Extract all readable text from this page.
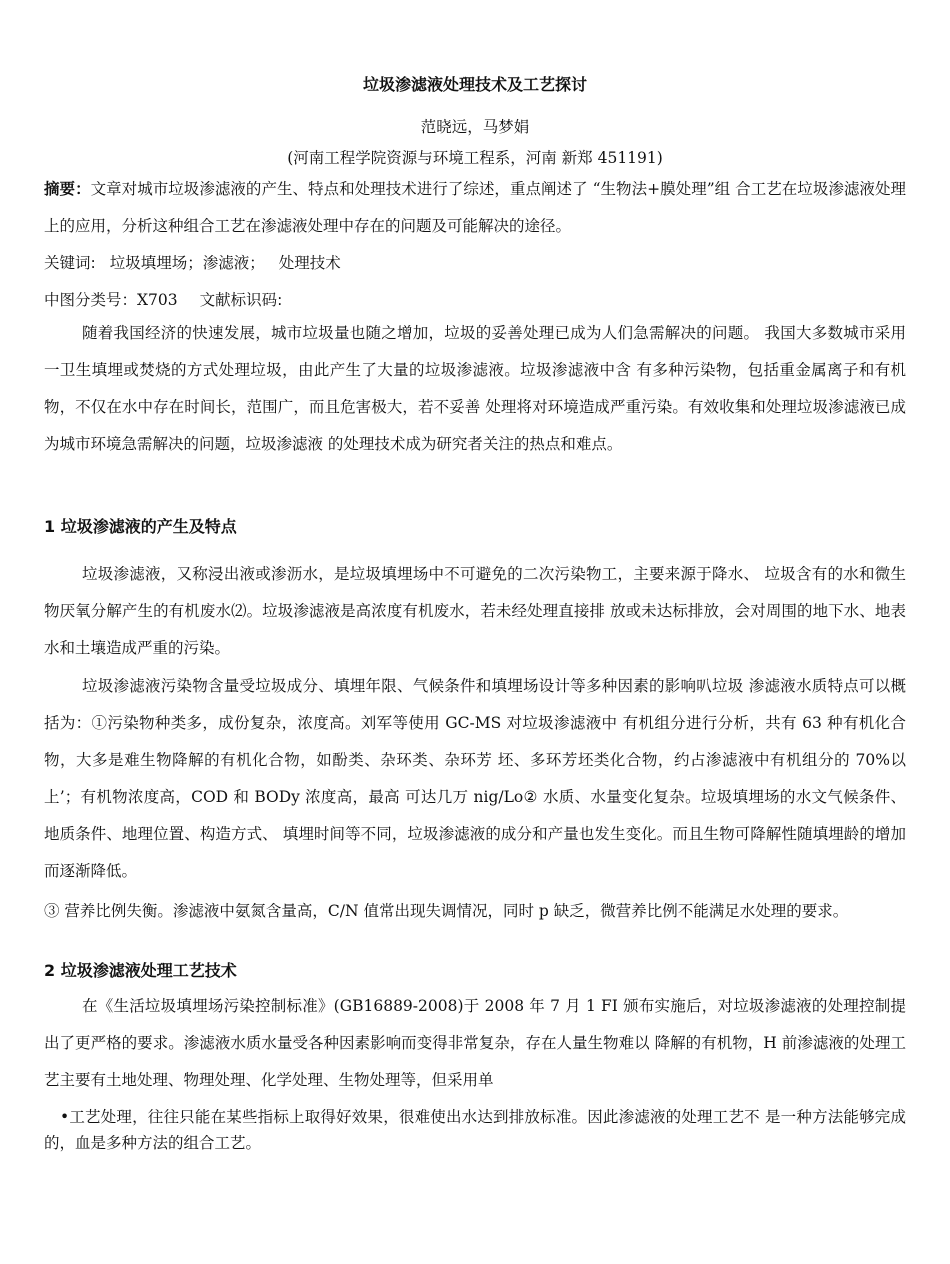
垃圾渗滤液处理技术及工艺探讨
范晓远，马梦娟
(河南工程学院资源与环境工程系，河南 新郑 451191)

摘要：文章对城市垃圾渗滤液的产生、特点和处理技术进行了综述，重点阐述了 “生物法+膜处理”组 合工艺在垃圾渗滤液处理上的应用，分析这种组合工艺在渗滤液处理中存在的问题及可能解决的途径。

关键词: 垃圾填埋场；渗滤液； 处理技术

中图分类号：X703 文献标识码:

随着我国经济的快速发展，城市垃圾量也随之增加，垃圾的妥善处理已成为人们急需解决的问题。 我国大多数城市采用一卫生填埋或焚烧的方式处理垃圾，由此产生了大量的垃圾渗滤液。垃圾渗滤液中含 有多种污染物，包括重金属离子和有机物，不仅在水中存在时间长，范围广，而且危害极大，若不妥善 处理将对环境造成严重污染。有效收集和处理垃圾渗滤液已成为城市环境急需解决的问题，垃圾渗滤液 的处理技术成为研究者关注的热点和难点。

1 垃圾渗滤液的产生及特点

垃圾渗滤液，又称浸出液或渗沥水，是垃圾填埋场中不可避免的二次污染物工，主要来源于降水、 垃圾含有的水和微生物厌氧分解产生的有机废水⑵。垃圾渗滤液是高浓度有机废水，若未经处理直接排 放或未达标排放，会对周围的地下水、地表水和土壤造成严重的污染。

垃圾渗滤液污染物含量受垃圾成分、填埋年限、气候条件和填埋场设计等多种因素的影响叭垃圾 渗滤液水质特点可以概括为：①污染物种类多，成份复杂，浓度高。刘军等使用 GC-MS 对垃圾渗滤液中 有机组分进行分析，共有 63 种有机化合物，大多是难生物降解的有机化合物，如酚类、杂环类、杂环芳 坯、多环芳坯类化合物，约占渗滤液中有机组分的 70%以上’；有机物浓度高，COD 和 BODy 浓度高，最高 可达几万 nig/Lo② 水质、水量变化复杂。垃圾填埋场的水文气候条件、地质条件、地理位置、构造方式、 填埋时间等不同，垃圾渗滤液的成分和产量也发生变化。而且生物可降解性随填埋龄的增加而逐渐降低。

③ 营养比例失衡。渗滤液中氨氮含量高，C/N 值常出现失调情况，同时 p 缺乏，微营养比例不能满足水处理的要求。

2 垃圾渗滤液处理工艺技术

在《生活垃圾填埋场污染控制标准》(GB16889-2008)于 2008 年 7 月 1 FI 颁布实施后，对垃圾渗滤液的处理控制提出了更严格的要求。渗滤液水质水量受各种因素影响而变得非常复杂，存在人量生物难以 降解的有机物，H 前渗滤液的处理工艺主要有土地处理、物理处理、化学处理、生物处理等，但采用单

•工艺处理，往往只能在某些指标上取得好效果，很难使出水达到排放标准。因此渗滤液的处理工艺不 是一种方法能够完成的，血是多种方法的组合工艺。
